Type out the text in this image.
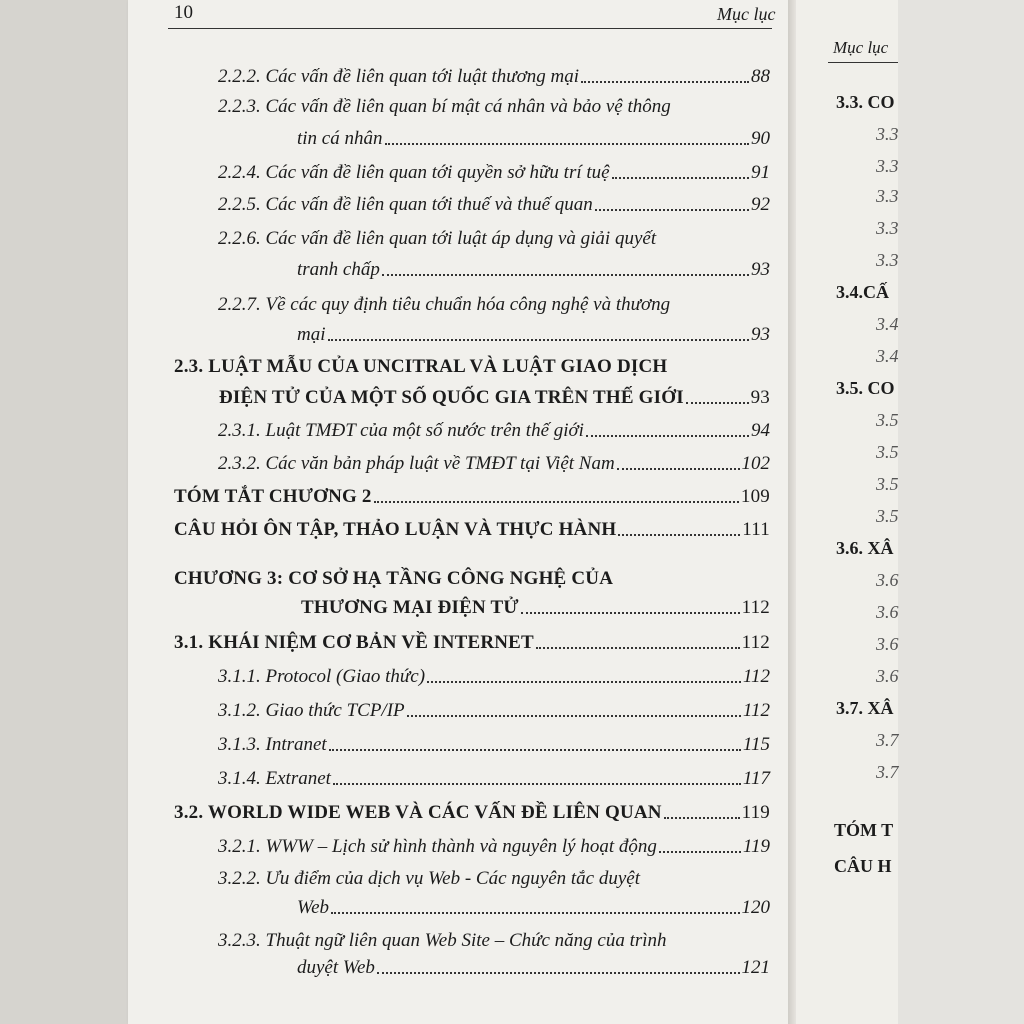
10	Mục lục
2.2.2. Các vấn đề liên quan tới luật thương mại	88
2.2.3. Các vấn đề liên quan bí mật cá nhân và bảo vệ thông
tin cá nhân	90
2.2.4. Các vấn đề liên quan tới quyền sở hữu trí tuệ	91
2.2.5. Các vấn đề liên quan tới thuế và thuế quan	92
2.2.6. Các vấn đề liên quan tới luật áp dụng và giải quyết
tranh chấp	93
2.2.7. Về các quy định tiêu chuẩn hóa công nghệ và thương
mại	93
2.3. LUẬT MẪU CỦA UNCITRAL VÀ LUẬT GIAO DỊCH
ĐIỆN TỬ CỦA MỘT SỐ QUỐC GIA TRÊN THẾ GIỚI	93
2.3.1. Luật TMĐT của một số nước trên thế giới	94
2.3.2. Các văn bản pháp luật về TMĐT tại Việt Nam	102
TÓM TẮT CHƯƠNG 2	109
CÂU HỎI ÔN TẬP, THẢO LUẬN VÀ THỰC HÀNH	111
CHƯƠNG 3: CƠ SỞ HẠ TẦNG CÔNG NGHỆ CỦA
THƯƠNG MẠI ĐIỆN TỬ	112
3.1. KHÁI NIỆM CƠ BẢN VỀ INTERNET	112
3.1.1. Protocol (Giao thức)	112
3.1.2. Giao thức TCP/IP	112
3.1.3. Intranet	115
3.1.4. Extranet	117
3.2. WORLD WIDE WEB VÀ CÁC VẤN ĐỀ LIÊN QUAN	119
3.2.1. WWW – Lịch sử hình thành và nguyên lý hoạt động	119
3.2.2. Ưu điểm của dịch vụ Web - Các nguyên tắc duyệt
Web	120
3.2.3. Thuật ngữ liên quan Web Site – Chức năng của trình
duyệt Web	121
Mục lục
3.3. CO
3.3
3.3
3.3
3.3
3.3
3.4.CẤ
3.4
3.4
3.5. CO
3.5
3.5
3.5
3.5
3.6. XÂ
3.6
3.6
3.6
3.6
3.7. XÂ
3.7
3.7
TÓM T
CÂU H
